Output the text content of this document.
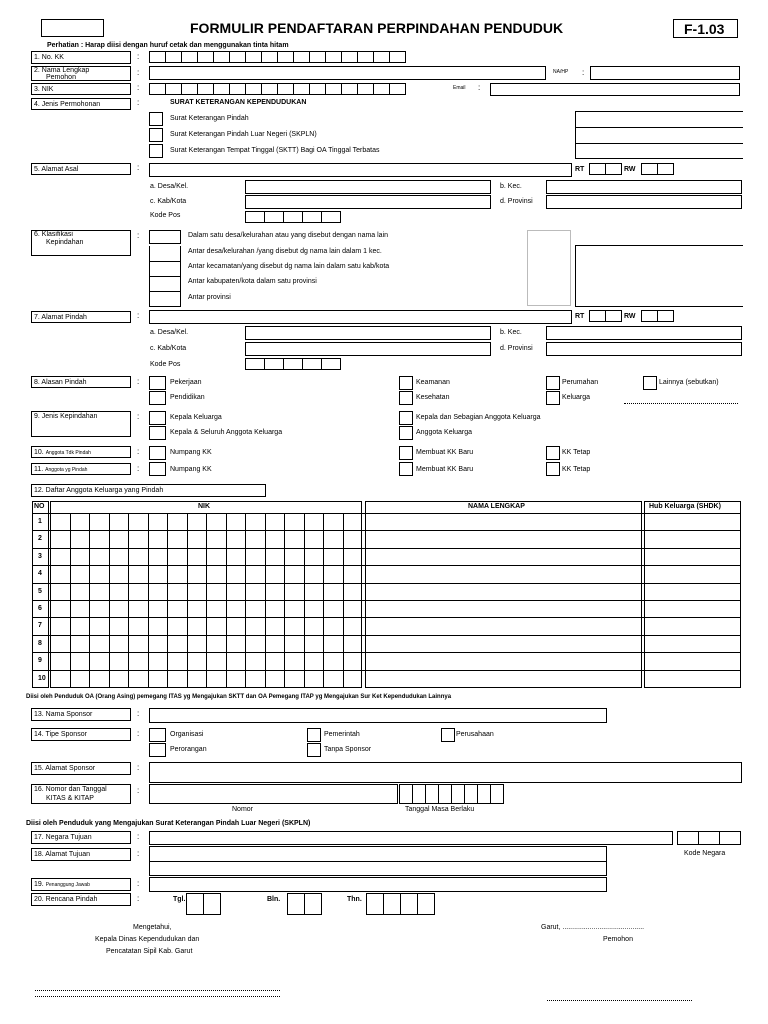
FORMULIR PENDAFTARAN PERPINDAHAN PENDUDUK	F-1.03
Perhatian : Harap diisi dengan huruf cetak dan menggunakan tinta hitam
1. No. KK	:
2. Nama Lengkap
Pemohon
:	NA/HP :
3. NIK	:	Email :
4. Jenis Permohonan	:	SURAT KETERANGAN KEPENDUDUKAN
Surat Keterangan Pindah
Surat Keterangan Pindah Luar Negeri (SKPLN)
Surat Keterangan Tempat Tinggal (SKTT) Bagi OA Tinggal Terbatas
5. Alamat Asal	:	RT	RW
a. Desa/Kel.	b. Kec.
c. Kab/Kota	d. Provinsi
Kode Pos
6. Klasifikasi
Kepindahan
:	Dalam satu desa/kelurahan atau yang disebut dengan nama lain
Antar desa/kelurahan /yang disebut dg nama lain dalam 1 kec.
Antar kecamatan/yang disebut dg nama lain dalam satu kab/kota
Antar kabupaten/kota dalam satu provinsi
Antar provinsi
7. Alamat Pindah	:	RT	RW
a. Desa/Kel.	b. Kec.
c. Kab/Kota	d. Provinsi
Kode Pos
8. Alasan Pindah	:	Pekerjaan
Pendidikan
Keamanan
Kesehatan
Perumahan
Keluarga
Lainnya (sebutkan)
9. Jenis Kepindahan	:	Kepala Keluarga
Kepala & Seluruh Anggota Keluarga
Kepala dan Sebagian Anggota Keluarga
Anggota Keluarga
10. Anggota Tdk Pindah	:	Numpang KK	Membuat KK Baru	KK Tetap
11. Anggota yg Pindah	:	Numpang KK	Membuat KK Baru	KK Tetap
12. Daftar Anggota Keluarga yang Pindah
NO	NIK	NAMA LENGKAP	Hub Keluarga (SHDK)
1
2
3
4
5
6
7
8
9
10
Diisi oleh Penduduk OA (Orang Asing) pemegang ITAS yg Mengajukan SKTT dan OA Pemegang ITAP yg Mengajukan Sur Ket Kependudukan Lainnya
13. Nama Sponsor	:
14. Tipe Sponsor	:	Organisasi
Perorangan
Pemerintah
Tanpa Sponsor
Perusahaan
15. Alamat Sponsor	:
16. Nomor dan Tanggal
KITAS & KITAP
:
Nomor	Tanggal Masa Berlaku
Diisi oleh Penduduk yang Mengajukan Surat Keterangan Pindah Luar Negeri (SKPLN)
17. Negara Tujuan	:
Kode Negara
18. Alamat Tujuan	:
19. Penanggung Jawab	:
20. Rencana Pindah	:	Tgl.	Bln.	Thn.
Mengetahui,
Kepala Dinas Kependudukan dan
Pencatatan Sipil Kab. Garut
Garut, ..........................................
Pemohon
